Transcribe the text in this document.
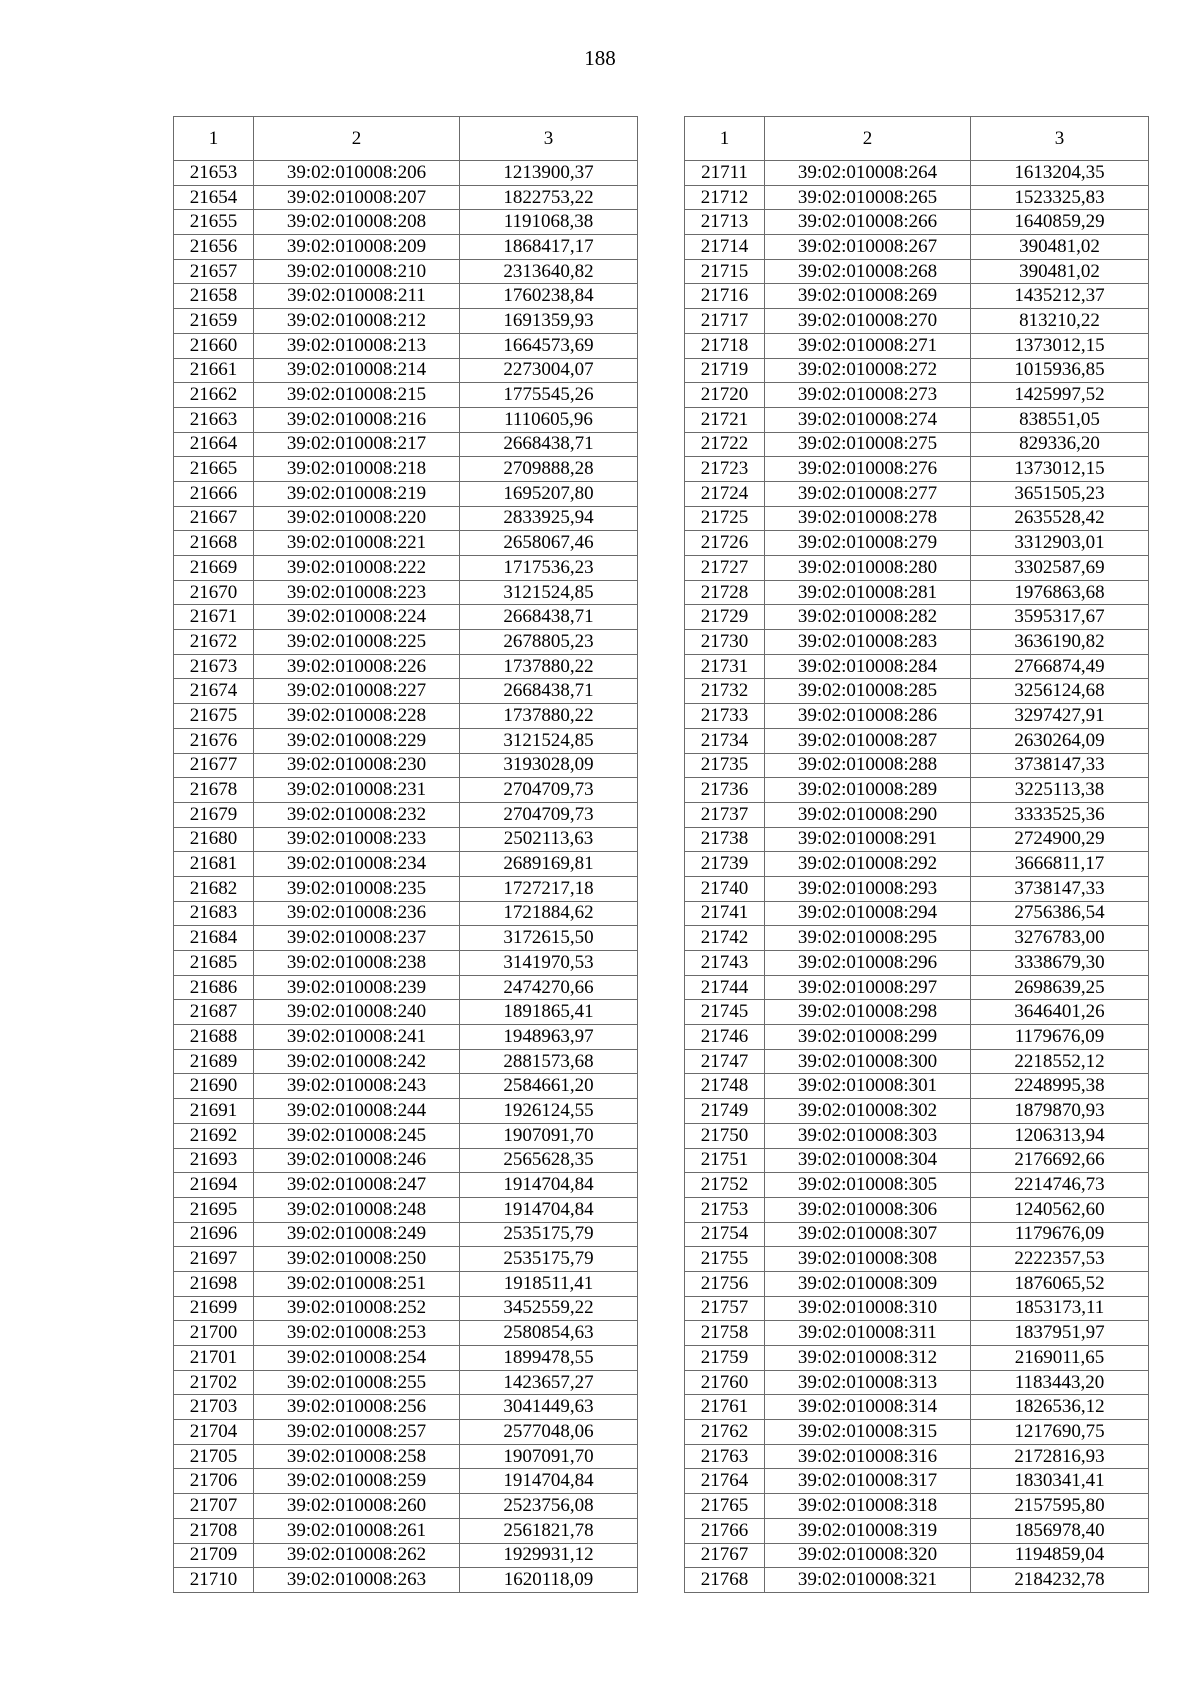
188
1	2	3
21653	39:02:010008:206	1213900,37
21654	39:02:010008:207	1822753,22
21655	39:02:010008:208	1191068,38
21656	39:02:010008:209	1868417,17
21657	39:02:010008:210	2313640,82
21658	39:02:010008:211	1760238,84
21659	39:02:010008:212	1691359,93
21660	39:02:010008:213	1664573,69
21661	39:02:010008:214	2273004,07
21662	39:02:010008:215	1775545,26
21663	39:02:010008:216	1110605,96
21664	39:02:010008:217	2668438,71
21665	39:02:010008:218	2709888,28
21666	39:02:010008:219	1695207,80
21667	39:02:010008:220	2833925,94
21668	39:02:010008:221	2658067,46
21669	39:02:010008:222	1717536,23
21670	39:02:010008:223	3121524,85
21671	39:02:010008:224	2668438,71
21672	39:02:010008:225	2678805,23
21673	39:02:010008:226	1737880,22
21674	39:02:010008:227	2668438,71
21675	39:02:010008:228	1737880,22
21676	39:02:010008:229	3121524,85
21677	39:02:010008:230	3193028,09
21678	39:02:010008:231	2704709,73
21679	39:02:010008:232	2704709,73
21680	39:02:010008:233	2502113,63
21681	39:02:010008:234	2689169,81
21682	39:02:010008:235	1727217,18
21683	39:02:010008:236	1721884,62
21684	39:02:010008:237	3172615,50
21685	39:02:010008:238	3141970,53
21686	39:02:010008:239	2474270,66
21687	39:02:010008:240	1891865,41
21688	39:02:010008:241	1948963,97
21689	39:02:010008:242	2881573,68
21690	39:02:010008:243	2584661,20
21691	39:02:010008:244	1926124,55
21692	39:02:010008:245	1907091,70
21693	39:02:010008:246	2565628,35
21694	39:02:010008:247	1914704,84
21695	39:02:010008:248	1914704,84
21696	39:02:010008:249	2535175,79
21697	39:02:010008:250	2535175,79
21698	39:02:010008:251	1918511,41
21699	39:02:010008:252	3452559,22
21700	39:02:010008:253	2580854,63
21701	39:02:010008:254	1899478,55
21702	39:02:010008:255	1423657,27
21703	39:02:010008:256	3041449,63
21704	39:02:010008:257	2577048,06
21705	39:02:010008:258	1907091,70
21706	39:02:010008:259	1914704,84
21707	39:02:010008:260	2523756,08
21708	39:02:010008:261	2561821,78
21709	39:02:010008:262	1929931,12
21710	39:02:010008:263	1620118,09
1	2	3
21711	39:02:010008:264	1613204,35
21712	39:02:010008:265	1523325,83
21713	39:02:010008:266	1640859,29
21714	39:02:010008:267	390481,02
21715	39:02:010008:268	390481,02
21716	39:02:010008:269	1435212,37
21717	39:02:010008:270	813210,22
21718	39:02:010008:271	1373012,15
21719	39:02:010008:272	1015936,85
21720	39:02:010008:273	1425997,52
21721	39:02:010008:274	838551,05
21722	39:02:010008:275	829336,20
21723	39:02:010008:276	1373012,15
21724	39:02:010008:277	3651505,23
21725	39:02:010008:278	2635528,42
21726	39:02:010008:279	3312903,01
21727	39:02:010008:280	3302587,69
21728	39:02:010008:281	1976863,68
21729	39:02:010008:282	3595317,67
21730	39:02:010008:283	3636190,82
21731	39:02:010008:284	2766874,49
21732	39:02:010008:285	3256124,68
21733	39:02:010008:286	3297427,91
21734	39:02:010008:287	2630264,09
21735	39:02:010008:288	3738147,33
21736	39:02:010008:289	3225113,38
21737	39:02:010008:290	3333525,36
21738	39:02:010008:291	2724900,29
21739	39:02:010008:292	3666811,17
21740	39:02:010008:293	3738147,33
21741	39:02:010008:294	2756386,54
21742	39:02:010008:295	3276783,00
21743	39:02:010008:296	3338679,30
21744	39:02:010008:297	2698639,25
21745	39:02:010008:298	3646401,26
21746	39:02:010008:299	1179676,09
21747	39:02:010008:300	2218552,12
21748	39:02:010008:301	2248995,38
21749	39:02:010008:302	1879870,93
21750	39:02:010008:303	1206313,94
21751	39:02:010008:304	2176692,66
21752	39:02:010008:305	2214746,73
21753	39:02:010008:306	1240562,60
21754	39:02:010008:307	1179676,09
21755	39:02:010008:308	2222357,53
21756	39:02:010008:309	1876065,52
21757	39:02:010008:310	1853173,11
21758	39:02:010008:311	1837951,97
21759	39:02:010008:312	2169011,65
21760	39:02:010008:313	1183443,20
21761	39:02:010008:314	1826536,12
21762	39:02:010008:315	1217690,75
21763	39:02:010008:316	2172816,93
21764	39:02:010008:317	1830341,41
21765	39:02:010008:318	2157595,80
21766	39:02:010008:319	1856978,40
21767	39:02:010008:320	1194859,04
21768	39:02:010008:321	2184232,78
